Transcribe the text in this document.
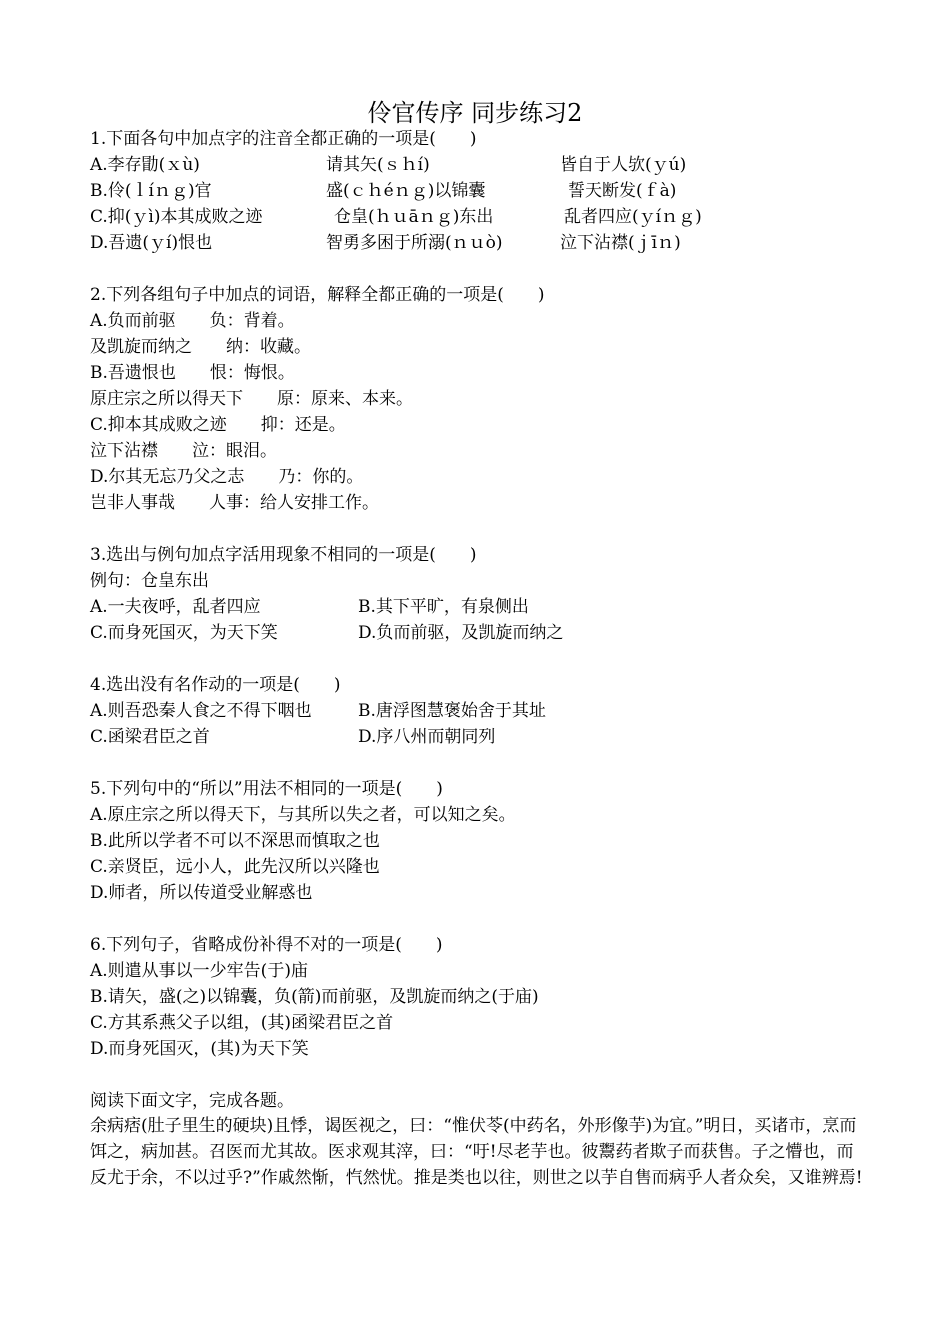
伶官传序 同步练习2
1.下面各句中加点字的注音全都正确的一项是(　　)
A.李存勖(ｘù)	请其矢(ｓｈí)	皆自于人欤(ｙú)
B.伶(ｌíｎｇ)官	盛(ｃｈéｎｇ)以锦囊	誓天断发(ｆà)
C.抑(ｙì)本其成败之迹	仓皇(ｈｕāｎｇ)东出	乱者四应(ｙíｎｇ)
D.吾遗(ｙí)恨也	智勇多困于所溺(ｎｕò)	泣下沾襟(ｊīｎ)
2.下列各组句子中加点的词语，解释全都正确的一项是(　　)
A.负而前驱　　负：背着。
及凯旋而纳之　　纳：收藏。
B.吾遗恨也　　恨：悔恨。
原庄宗之所以得天下　　原：原来、本来。
C.抑本其成败之迹　　抑：还是。
泣下沾襟　　泣：眼泪。
D.尔其无忘乃父之志　　乃：你的。
岂非人事哉　　人事：给人安排工作。
3.选出与例句加点字活用现象不相同的一项是(　　)
例句：仓皇东出
A.一夫夜呼，乱者四应	B.其下平旷，有泉侧出
C.而身死国灭，为天下笑	D.负而前驱，及凯旋而纳之
4.选出没有名作动的一项是(　　)
A.则吾恐秦人食之不得下咽也	B.唐浮图慧褒始舍于其址
C.函梁君臣之首	D.序八州而朝同列
5.下列句中的“所以”用法不相同的一项是(　　)
A.原庄宗之所以得天下，与其所以失之者，可以知之矣。
B.此所以学者不可以不深思而慎取之也
C.亲贤臣，远小人，此先汉所以兴隆也
D.师者，所以传道受业解惑也
6.下列句子，省略成份补得不对的一项是(　　)
A.则遣从事以一少牢告(于)庙
B.请矢，盛(之)以锦囊，负(箭)而前驱，及凯旋而纳之(于庙)
C.方其系燕父子以组，(其)函梁君臣之首
D.而身死国灭，(其)为天下笑
阅读下面文字，完成各题。
余病痞(肚子里生的硬块)且悸，谒医视之，曰：“惟伏苓(中药名，外形像芋)为宜。”明日，买诸市，烹而饵之，病加甚。召医而尤其故。医求观其滓，曰：“吁!尽老芋也。彼鬻药者欺子而获售。子之懵也，而反尤于余，不以过乎?”作戚然惭，忾然忧。推是类也以往，则世之以芋自售而病乎人者众矣，又谁辨焉!
